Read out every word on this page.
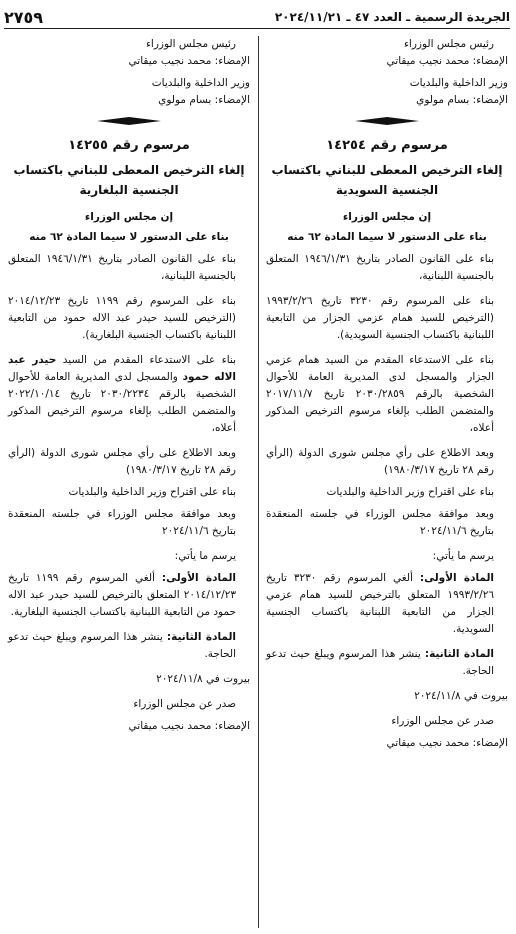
الجريدة الرسمية ـ العدد ٤٧ ـ ٢٠٢٤/١١/٢١
٢٧٥٩

رئيس مجلس الوزراء

الإمضاء: محمد نجيب ميقاتي

وزير الداخلية والبلديات

الإمضاء: بسام مولوي

مرسوم رقم ١٤٢٥٤

إلغاء الترخيص المعطى للبناني باكتساب
الجنسية السويدية

إن مجلس الوزراء

بناء على الدستور لا سيما المادة ٦٢ منه

بناء على القانون الصادر بتاريخ ١٩٤٦/١/٣١ المتعلق بالجنسية اللبنانية،

بناء على المرسوم رقم ٣٢٣٠ تاريخ ١٩٩٣/٢/٢٦ (الترخيص للسيد همام عزمي الجزار من التابعية اللبنانية باكتساب الجنسية السويدية).

بناء على الاستدعاء المقدم من السيد همام عزمي الجزار والمسجل لدى المديرية العامة للأحوال الشخصية بالرقم ٢٠٣٠/٢٨٥٩ تاريخ ٢٠١٧/١١/٧ والمتضمن الطلب بإلغاء مرسوم الترخيص المذكور أعلاه،

وبعد الاطلاع على رأي مجلس شورى الدولة (الرأي رقم ٢٨ تاريخ ١٩٨٠/٣/١٧)

بناء على اقتراح وزير الداخلية والبلديات

وبعد موافقة مجلس الوزراء في جلسته المنعقدة بتاريخ ٢٠٢٤/١١/٦

يرسم ما يأتي:

المادة الأولى: ألغي المرسوم رقم ٣٢٣٠ تاريخ ١٩٩٣/٢/٢٦ المتعلق بالترخيص للسيد همام عزمي الجزار من التابعية اللبنانية باكتساب الجنسية السويدية.

المادة الثانية: ينشر هذا المرسوم ويبلغ حيث تدعو الحاجة.

بيروت في ٢٠٢٤/١١/٨

صدر عن مجلس الوزراء

الإمضاء: محمد نجيب ميقاتي

رئيس مجلس الوزراء

الإمضاء: محمد نجيب ميقاتي

وزير الداخلية والبلديات

الإمضاء: بسام مولوي

مرسوم رقم ١٤٢٥٥

إلغاء الترخيص المعطى للبناني باكتساب
الجنسية البلغارية

إن مجلس الوزراء

بناء على الدستور لا سيما المادة ٦٢ منه

بناء على القانون الصادر بتاريخ ١٩٤٦/١/٣١ المتعلق بالجنسية اللبنانية،

بناء على المرسوم رقم ١١٩٩ تاريخ ٢٠١٤/١٢/٢٣ (الترخيص للسيد حيدر عبد الاله حمود من التابعية اللبنانية باكتساب الجنسية البلغارية).

بناء على الاستدعاء المقدم من السيد حيدر عبد الاله حمود والمسجل لدى المديرية العامة للأحوال الشخصية بالرقم ٢٠٣٠/٢٢٣٤ تاريخ ٢٠٢٢/١٠/١٤ والمتضمن الطلب بإلغاء مرسوم الترخيص المذكور أعلاه،

وبعد الاطلاع على رأي مجلس شورى الدولة (الرأي رقم ٢٨ تاريخ ١٩٨٠/٣/١٧)

بناء على اقتراح وزير الداخلية والبلديات

وبعد موافقة مجلس الوزراء في جلسته المنعقدة بتاريخ ٢٠٢٤/١١/٦

يرسم ما يأتي:

المادة الأولى: ألغي المرسوم رقم ١١٩٩ تاريخ ٢٠١٤/١٢/٢٣ المتعلق بالترخيص للسيد حيدر عبد الاله حمود من التابعية اللبنانية باكتساب الجنسية البلغارية.

المادة الثانية: ينشر هذا المرسوم ويبلغ حيث تدعو الحاجة.

بيروت في ٢٠٢٤/١١/٨

صدر عن مجلس الوزراء

الإمضاء: محمد نجيب ميقاتي
